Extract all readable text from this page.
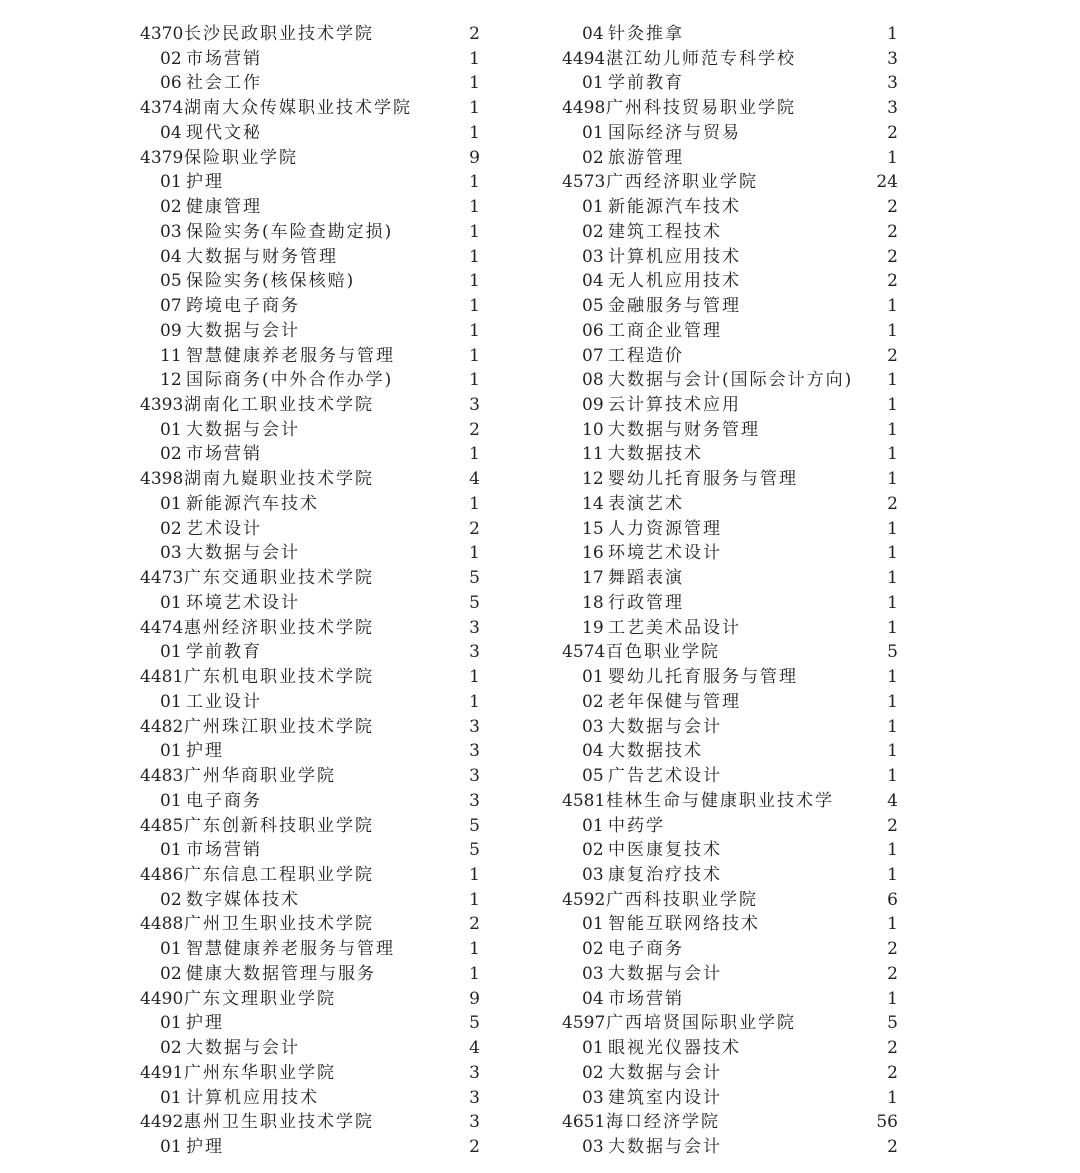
4370长沙民政职业技术学院	2
02 市场营销	1
06 社会工作	1
4374湖南大众传媒职业技术学院	1
04 现代文秘	1
4379保险职业学院	9
01 护理	1
02 健康管理	1
03 保险实务(车险查勘定损)	1
04 大数据与财务管理	1
05 保险实务(核保核赔)	1
07 跨境电子商务	1
09 大数据与会计	1
11 智慧健康养老服务与管理	1
12 国际商务(中外合作办学)	1
4393湖南化工职业技术学院	3
01 大数据与会计	2
02 市场营销	1
4398湖南九嶷职业技术学院	4
01 新能源汽车技术	1
02 艺术设计	2
03 大数据与会计	1
4473广东交通职业技术学院	5
01 环境艺术设计	5
4474惠州经济职业技术学院	3
01 学前教育	3
4481广东机电职业技术学院	1
01 工业设计	1
4482广州珠江职业技术学院	3
01 护理	3
4483广州华商职业学院	3
01 电子商务	3
4485广东创新科技职业学院	5
01 市场营销	5
4486广东信息工程职业学院	1
02 数字媒体技术	1
4488广州卫生职业技术学院	2
01 智慧健康养老服务与管理	1
02 健康大数据管理与服务	1
4490广东文理职业学院	9
01 护理	5
02 大数据与会计	4
4491广州东华职业学院	3
01 计算机应用技术	3
4492惠州卫生职业技术学院	3
01 护理	2
04 针灸推拿	1
4494湛江幼儿师范专科学校	3
01 学前教育	3
4498广州科技贸易职业学院	3
01 国际经济与贸易	2
02 旅游管理	1
4573广西经济职业学院	24
01 新能源汽车技术	2
02 建筑工程技术	2
03 计算机应用技术	2
04 无人机应用技术	2
05 金融服务与管理	1
06 工商企业管理	1
07 工程造价	2
08 大数据与会计(国际会计方向) 1
09 云计算技术应用	1
10 大数据与财务管理	1
11 大数据技术	1
12 婴幼儿托育服务与管理	1
14 表演艺术	2
15 人力资源管理	1
16 环境艺术设计	1
17 舞蹈表演	1
18 行政管理	1
19 工艺美术品设计	1
4574百色职业学院	5
01 婴幼儿托育服务与管理	1
02 老年保健与管理	1
03 大数据与会计	1
04 大数据技术	1
05 广告艺术设计	1
4581桂林生命与健康职业技术学	4
01 中药学	2
02 中医康复技术	1
03 康复治疗技术	1
4592广西科技职业学院	6
01 智能互联网络技术	1
02 电子商务	2
03 大数据与会计	2
04 市场营销	1
4597广西培贤国际职业学院	5
01 眼视光仪器技术	2
02 大数据与会计	2
03 建筑室内设计	1
4651海口经济学院	56
03 大数据与会计	2
